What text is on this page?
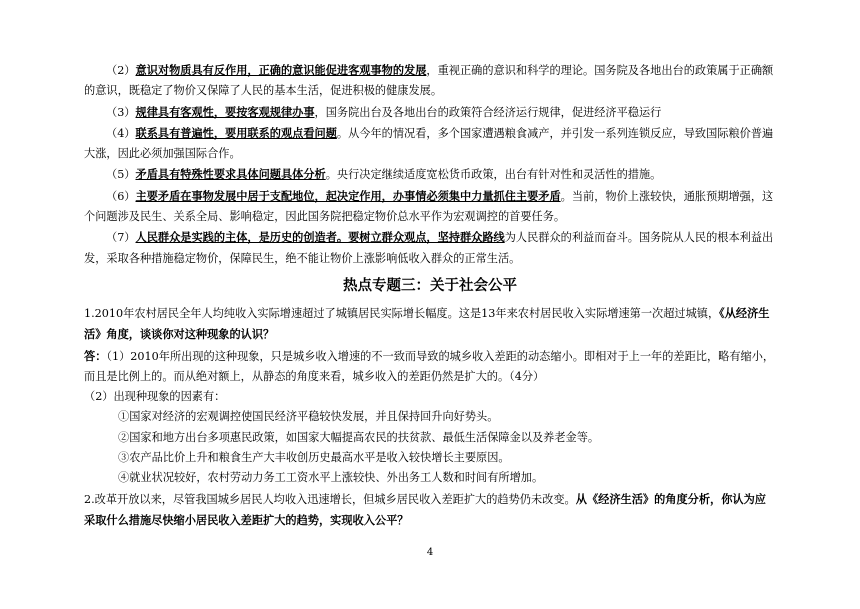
（2）意识对物质具有反作用，正确的意识能促进客观事物的发展，重视正确的意识和科学的理论。国务院及各地出台的政策属于正确额的意识，既稳定了物价又保障了人民的基本生活，促进积极的健康发展。

（3）规律具有客观性，要按客观规律办事，国务院出台及各地出台的政策符合经济运行规律，促进经济平稳运行

（4）联系具有普遍性，要用联系的观点看问题。从今年的情况看，多个国家遭遇粮食减产，并引发一系列连锁反应，导致国际粮价普遍大涨，因此必须加强国际合作。

（5）矛盾具有特殊性要求具体问题具体分析。央行决定继续适度宽松货币政策，出台有针对性和灵活性的措施。

（6）主要矛盾在事物发展中居于支配地位，起决定作用，办事情必须集中力量抓住主要矛盾。当前，物价上涨较快，通胀预期增强，这个问题涉及民生、关系全局、影响稳定，因此国务院把稳定物价总水平作为宏观调控的首要任务。

（7）人民群众是实践的主体，是历史的创造者。要树立群众观点，坚持群众路线为人民群众的利益而奋斗。国务院从人民的根本利益出发，采取各种措施稳定物价，保障民生，绝不能让物价上涨影响低收入群众的正常生活。

热点专题三：关于社会公平

1.2010年农村居民全年人均纯收入实际增速超过了城镇居民实际增长幅度。这是13年来农村居民收入实际增速第一次超过城镇，《从经济生活》角度，谈谈你对这种现象的认识？

答：（1）2010年所出现的这种现象，只是城乡收入增速的不一致而导致的城乡收入差距的动态缩小。即相对于上一年的差距比，略有缩小，而且是比例上的。而从绝对额上，从静态的角度来看，城乡收入的差距仍然是扩大的。（4分）

（2）出现种现象的因素有：

①国家对经济的宏观调控使国民经济平稳较快发展，并且保持回升向好势头。

②国家和地方出台多项惠民政策，如国家大幅提高农民的扶贫款、最低生活保障金以及养老金等。

③农产品比价上升和粮食生产大丰收创历史最高水平是收入较快增长主要原因。

④就业状况较好，农村劳动力务工工资水平上涨较快、外出务工人数和时间有所增加。

2.改革开放以来，尽管我国城乡居民人均收入迅速增长，但城乡居民收入差距扩大的趋势仍未改变。从《经济生活》的角度分析，你认为应采取什么措施尽快缩小居民收入差距扩大的趋势，实现收入公平？

4
